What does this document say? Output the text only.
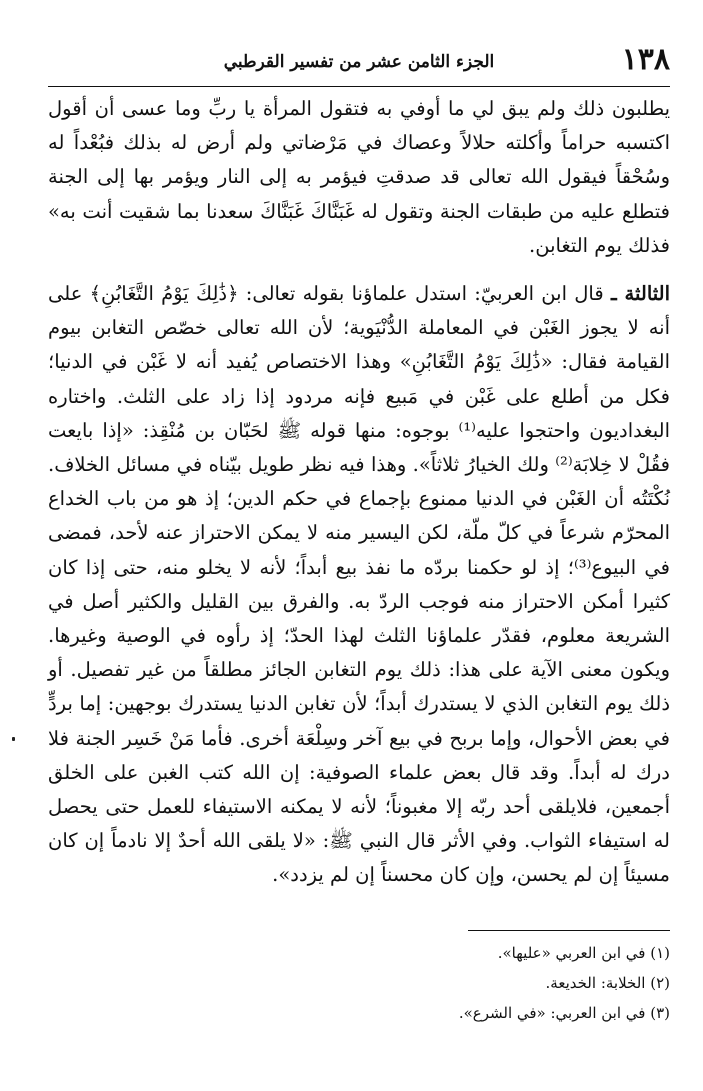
١٣٨
الجزء الثامن عشر من تفسير القرطبي

يطلبون ذلك ولم يبق لي ما أوفي به فتقول المرأة يا ربِّ وما عسى أن أقول اكتسبه حراماً وأكلته حلالاً وعصاك في مَرْضاتي ولم أرض له بذلك فبُعْداً له وسُحْقاً فيقول الله تعالى قد صدقتِ فيؤمر به إلى النار ويؤمر بها إلى الجنة فتطلع عليه من طبقات الجنة وتقول له غَبَنَّاكَ غَبَنَّاكَ سعدنا بما شقيت أنت به» فذلك يوم التغابن.

الثالثة ـ قال ابن العربيّ: استدل علماؤنا بقوله تعالى: ﴿ذَٰلِكَ يَوْمُ التَّغَابُنِ﴾ على أنه لا يجوز الغَبْن في المعاملة الدُّنْيَوية؛ لأن الله تعالى خصّص التغابن بيوم القيامة فقال: «ذَٰلِكَ يَوْمُ التَّغَابُنِ» وهذا الاختصاص يُفيد أنه لا غَبْن في الدنيا؛ فكل من أطلع على غَبْن في مَبيع فإنه مردود إذا زاد على الثلث. واختاره البغداديون واحتجوا عليه⁽¹⁾ بوجوه: منها قوله ﷺ لحَبّان بن مُنْقِذ: «إذا بايعت فقُلْ لا خِلابَة⁽²⁾ ولك الخيارُ ثلاثاً». وهذا فيه نظر طويل بيّناه في مسائل الخلاف. نُكْتَتُه أن الغَبْن في الدنيا ممنوع بإجماع في حكم الدين؛ إذ هو من باب الخداع المحرّم شرعاً في كلّ ملّة، لكن اليسير منه لا يمكن الاحتراز عنه لأحد، فمضى في البيوع⁽³⁾؛ إذ لو حكمنا بردّه ما نفذ بيع أبداً؛ لأنه لا يخلو منه، حتى إذا كان كثيرا أمكن الاحتراز منه فوجب الردّ به. والفرق بين القليل والكثير أصل في الشريعة معلوم، فقدّر علماؤنا الثلث لهذا الحدّ؛ إذ رأوه في الوصية وغيرها. ويكون معنى الآية على هذا: ذلك يوم التغابن الجائز مطلقاً من غير تفصيل. أو ذلك يوم التغابن الذي لا يستدرك أبداً؛ لأن تغابن الدنيا يستدرك بوجهين: إما بردٍّ في بعض الأحوال، وإما بربح في بيع آخر وسِلْعَة أخرى. فأما مَنْ خَسِر الجنة فلا درك له أبداً. وقد قال بعض علماء الصوفية: إن الله كتب الغبن على الخلق أجمعين، فلايلقى أحد ربّه إلا مغبوناً؛ لأنه لا يمكنه الاستيفاء للعمل حتى يحصل له استيفاء الثواب. وفي الأثر قال النبي ﷺ: «لا يلقى الله أحدٌ إلا نادماً إن كان مسيئاً إن لم يحسن، وإن كان محسناً إن لم يزدد».

(١) في ابن العربي «عليها».

(٢) الخلابة: الخديعة.

(٣) في ابن العربي: «في الشرع».
